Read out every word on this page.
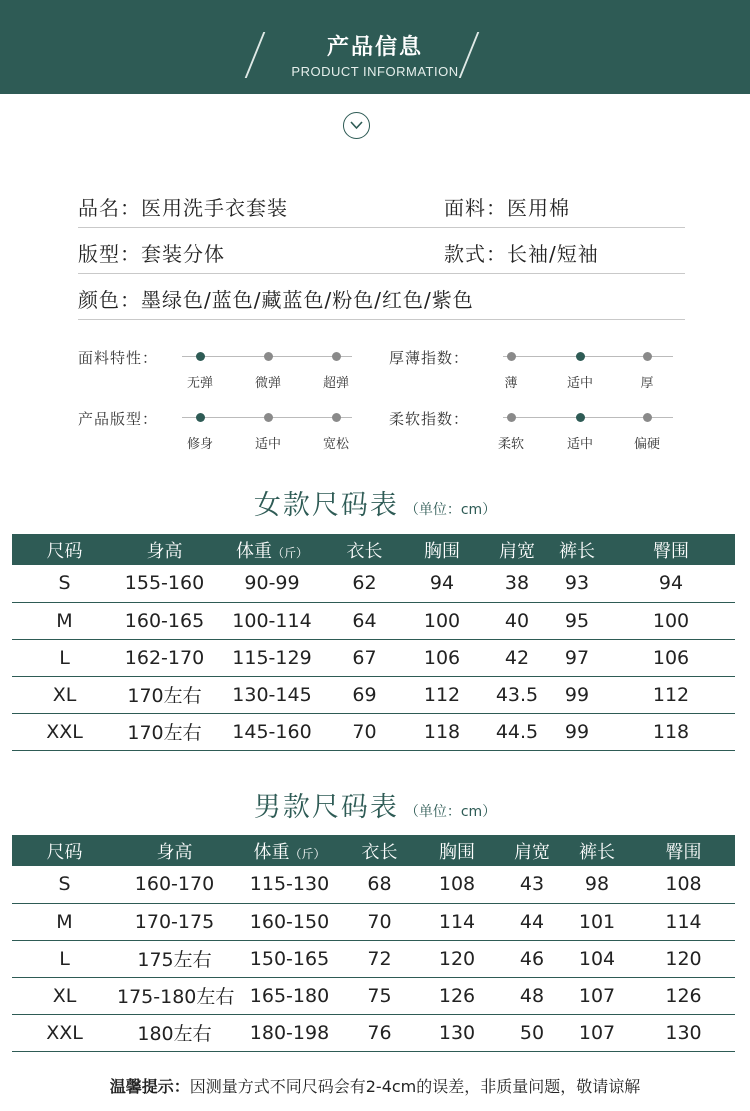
产品信息
PRODUCT INFORMATION
品名：医用洗手衣套装	面料：医用棉
版型：套装分体	款式：长袖/短袖
颜色：墨绿色/蓝色/藏蓝色/粉色/红色/紫色
面料特性：
无弹	微弹	超弹
厚薄指数：
薄	适中	厚
产品版型：
修身	适中	宽松
柔软指数：
柔软	适中	偏硬
女款尺码表 （单位：cm）
尺码	身高	体重（斤）	衣长	胸围	肩宽	裤长	臀围
S	155-160	90-99	62	94	38	93	94
M	160-165	100-114	64	100	40	95	100
L	162-170	115-129	67	106	42	97	106
XL	170左右	130-145	69	112	43.5	99	112
XXL	170左右	145-160	70	118	44.5	99	118
男款尺码表 （单位：cm）
尺码	身高	体重（斤）	衣长	胸围	肩宽	裤长	臀围
S	160-170	115-130	68	108	43	98	108
M	170-175	160-150	70	114	44	101	114
L	175左右	150-165	72	120	46	104	120
XL	175-180左右	165-180	75	126	48	107	126
XXL	180左右	180-198	76	130	50	107	130
温馨提示：因测量方式不同尺码会有2-4cm的误差，非质量问题，敬请谅解
